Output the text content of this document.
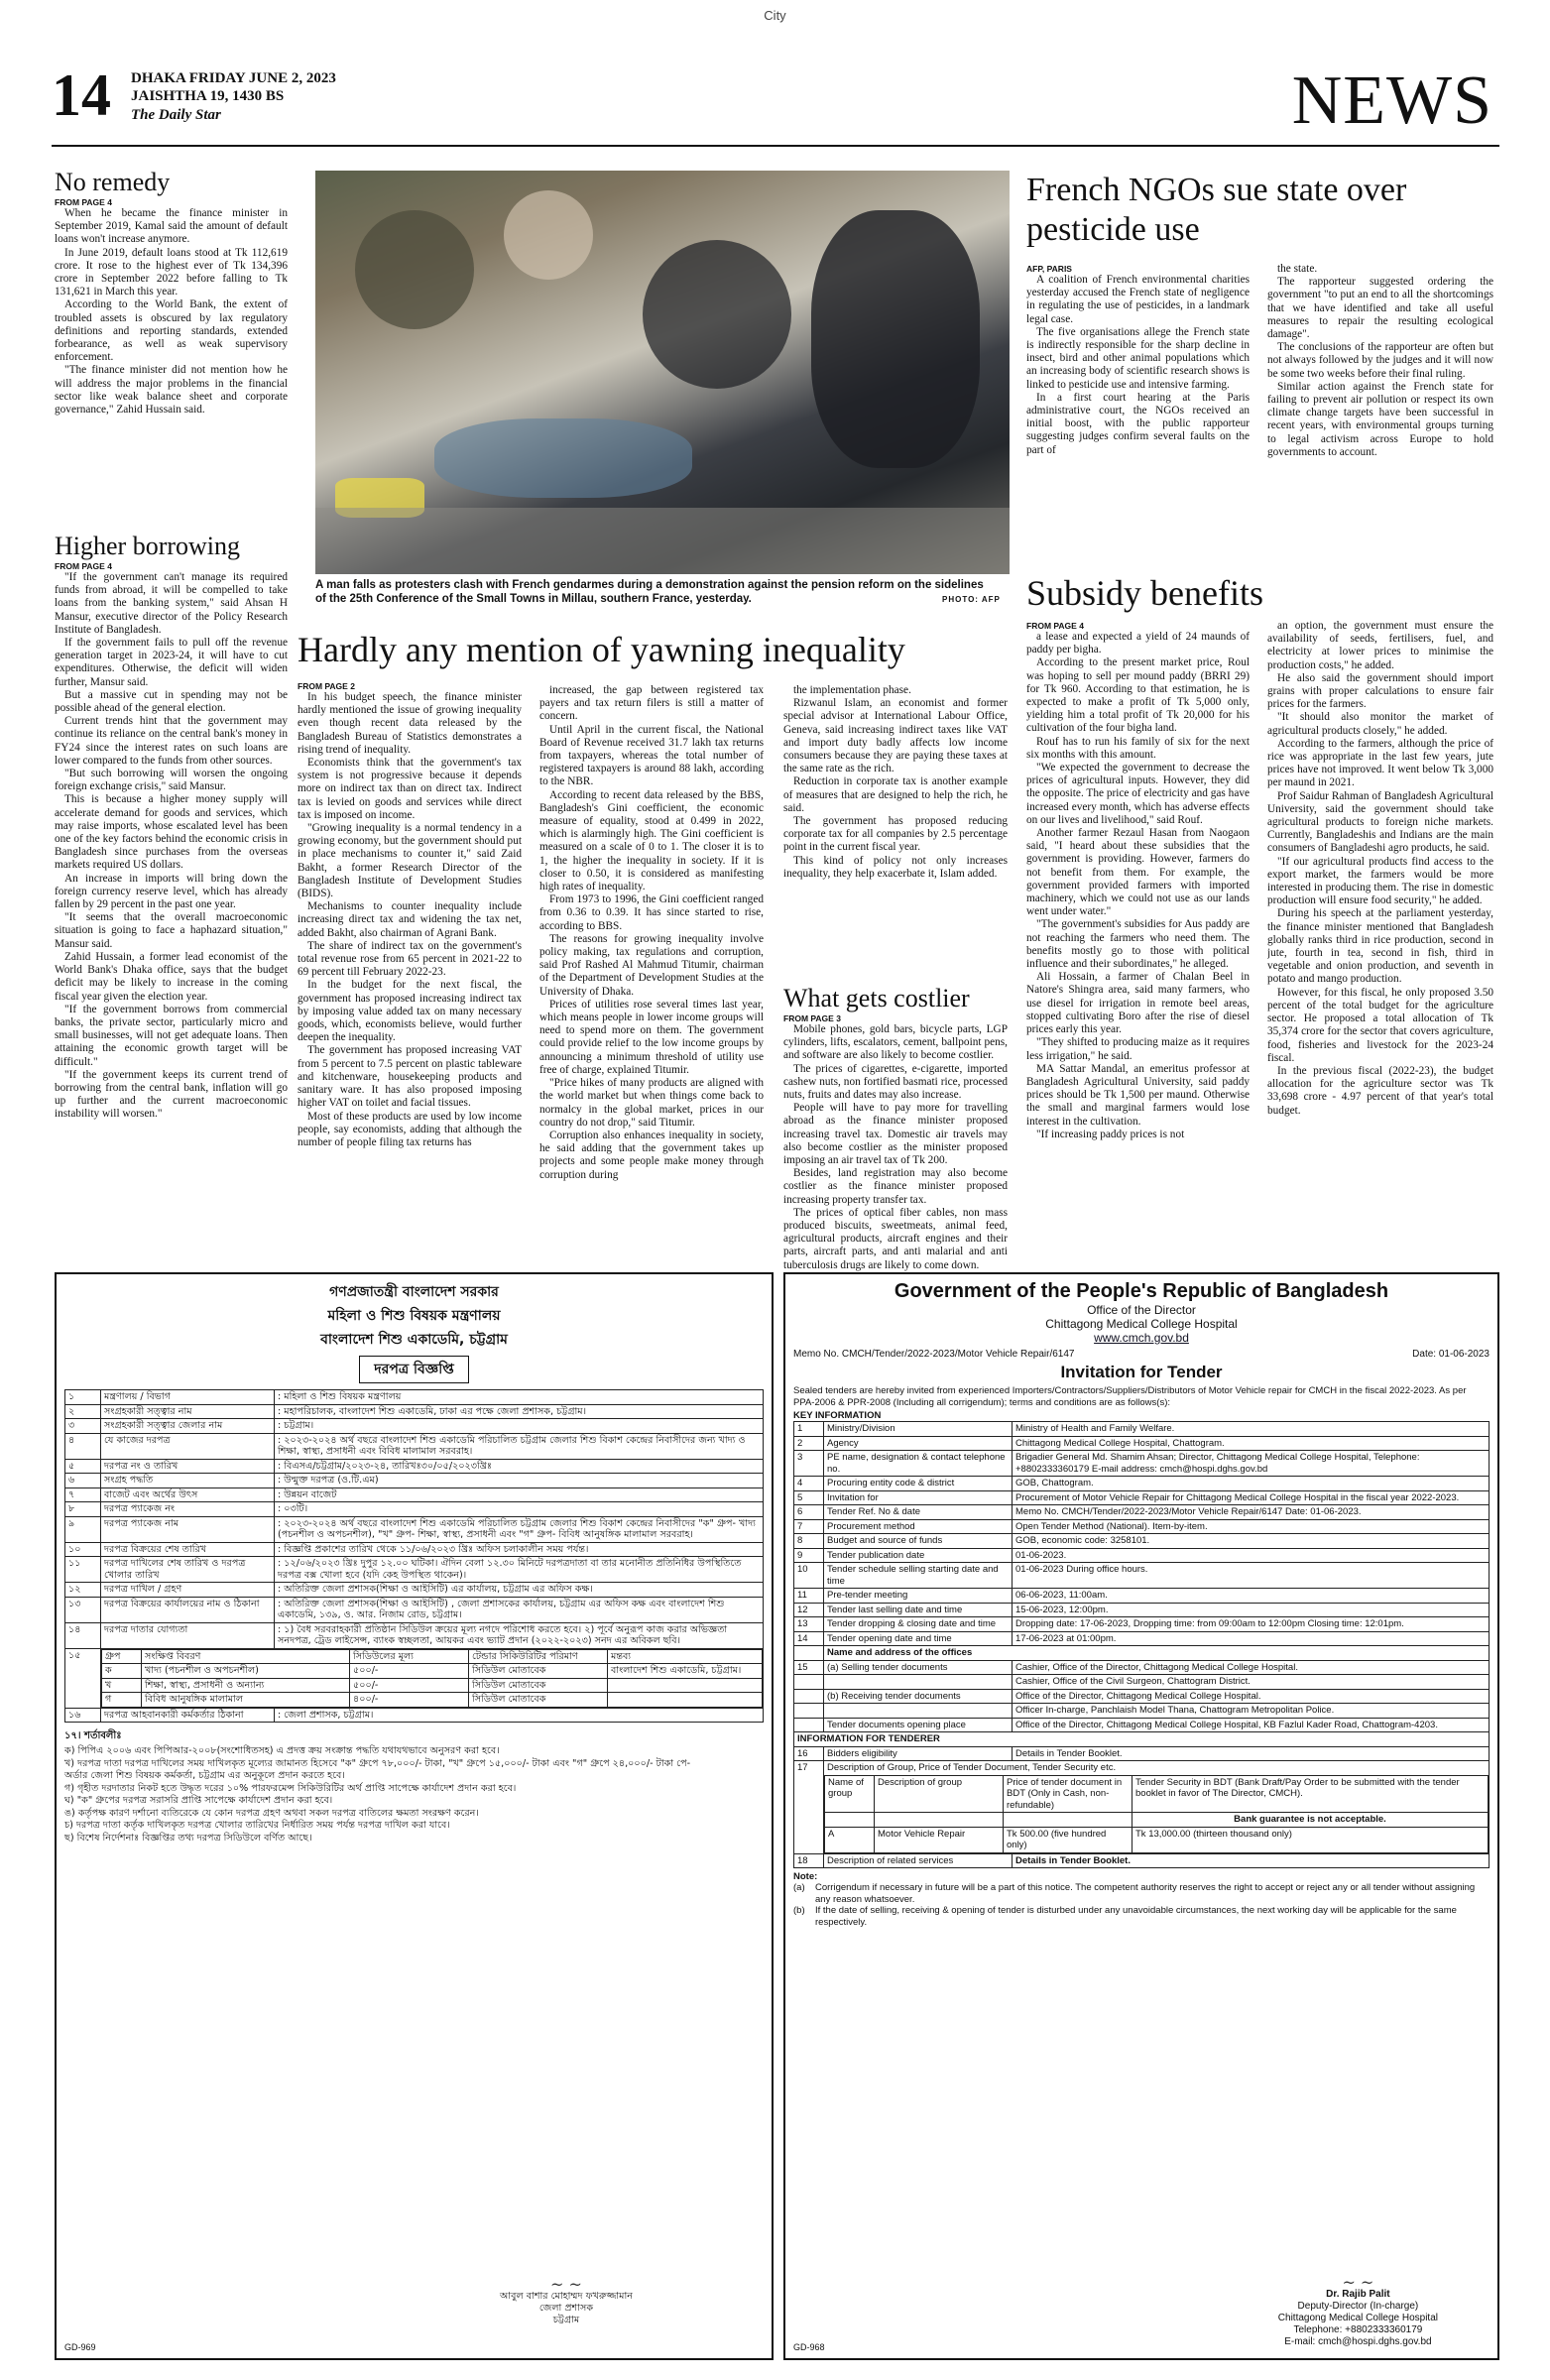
City
14 DHAKA FRIDAY JUNE 2, 2023
JAISHTHA 19, 1430 BS
The Daily Star	NEWS
No remedy
FROM PAGE 4

When he became the finance minister in September 2019, Kamal said the amount of default loans won't increase anymore.

In June 2019, default loans stood at Tk 112,619 crore. It rose to the highest ever of Tk 134,396 crore in September 2022 before falling to Tk 131,621 in March this year.

According to the World Bank, the extent of troubled assets is obscured by lax regulatory definitions and reporting standards, extended forbearance, as well as weak supervisory enforcement.

"The finance minister did not mention how he will address the major problems in the financial sector like weak balance sheet and corporate governance," Zahid Hussain said.

Higher borrowing
FROM PAGE 4

"If the government can't manage its required funds from abroad, it will be compelled to take loans from the banking system," said Ahsan H Mansur, executive director of the Policy Research Institute of Bangladesh.

If the government fails to pull off the revenue generation target in 2023-24, it will have to cut expenditures. Otherwise, the deficit will widen further, Mansur said.

But a massive cut in spending may not be possible ahead of the general election.

Current trends hint that the government may continue its reliance on the central bank's money in FY24 since the interest rates on such loans are lower compared to the funds from other sources.

"But such borrowing will worsen the ongoing foreign exchange crisis," said Mansur.

This is because a higher money supply will accelerate demand for goods and services, which may raise imports, whose escalated level has been one of the key factors behind the economic crisis in Bangladesh since purchases from the overseas markets required US dollars.

An increase in imports will bring down the foreign currency reserve level, which has already fallen by 29 percent in the past one year.

"It seems that the overall macroeconomic situation is going to face a haphazard situation," Mansur said.

Zahid Hussain, a former lead economist of the World Bank's Dhaka office, says that the budget deficit may be likely to increase in the coming fiscal year given the election year.

"If the government borrows from commercial banks, the private sector, particularly micro and small businesses, will not get adequate loans. Then attaining the economic growth target will be difficult."

"If the government keeps its current trend of borrowing from the central bank, inflation will go up further and the current macroeconomic instability will worsen."

A man falls as protesters clash with French gendarmes during a demonstration against the pension reform on the sidelines of the 25th Conference of the Small Towns in Millau, southern France, yesterday.	PHOTO: AFP
Hardly any mention of yawning inequality
FROM PAGE 2

In his budget speech, the finance minister hardly mentioned the issue of growing inequality even though recent data released by the Bangladesh Bureau of Statistics demonstrates a rising trend of inequality.

Economists think that the government's tax system is not progressive because it depends more on indirect tax than on direct tax. Indirect tax is levied on goods and services while direct tax is imposed on income.

"Growing inequality is a normal tendency in a growing economy, but the government should put in place mechanisms to counter it," said Zaid Bakht, a former Research Director of the Bangladesh Institute of Development Studies (BIDS).

Mechanisms to counter inequality include increasing direct tax and widening the tax net, added Bakht, also chairman of Agrani Bank.

The share of indirect tax on the government's total revenue rose from 65 percent in 2021-22 to 69 percent till February 2022-23.

In the budget for the next fiscal, the government has proposed increasing indirect tax by imposing value added tax on many necessary goods, which, economists believe, would further deepen the inequality.

The government has proposed increasing VAT from 5 percent to 7.5 percent on plastic tableware and kitchenware, housekeeping products and sanitary ware. It has also proposed imposing higher VAT on toilet and facial tissues.

Most of these products are used by low income people, say economists, adding that although the number of people filing tax returns has

increased, the gap between registered tax payers and tax return filers is still a matter of concern.

Until April in the current fiscal, the National Board of Revenue received 31.7 lakh tax returns from taxpayers, whereas the total number of registered taxpayers is around 88 lakh, according to the NBR.

According to recent data released by the BBS, Bangladesh's Gini coefficient, the economic measure of equality, stood at 0.499 in 2022, which is alarmingly high. The Gini coefficient is measured on a scale of 0 to 1. The closer it is to 1, the higher the inequality in society. If it is closer to 0.50, it is considered as manifesting high rates of inequality.

From 1973 to 1996, the Gini coefficient ranged from 0.36 to 0.39. It has since started to rise, according to BBS.

The reasons for growing inequality involve policy making, tax regulations and corruption, said Prof Rashed Al Mahmud Titumir, chairman of the Department of Development Studies at the University of Dhaka.

Prices of utilities rose several times last year, which means people in lower income groups will need to spend more on them. The government could provide relief to the low income groups by announcing a minimum threshold of utility use free of charge, explained Titumir.

"Price hikes of many products are aligned with the world market but when things come back to normalcy in the global market, prices in our country do not drop," said Titumir.

Corruption also enhances inequality in society, he said adding that the government takes up projects and some people make money through corruption during

the implementation phase.

Rizwanul Islam, an economist and former special advisor at International Labour Office, Geneva, said increasing indirect taxes like VAT and import duty badly affects low income consumers because they are paying these taxes at the same rate as the rich.

Reduction in corporate tax is another example of measures that are designed to help the rich, he said.

The government has proposed reducing corporate tax for all companies by 2.5 percentage point in the current fiscal year.

This kind of policy not only increases inequality, they help exacerbate it, Islam added.

What gets costlier
FROM PAGE 3

Mobile phones, gold bars, bicycle parts, LGP cylinders, lifts, escalators, cement, ballpoint pens, and software are also likely to become costlier.

The prices of cigarettes, e-cigarette, imported cashew nuts, non fortified basmati rice, processed nuts, fruits and dates may also increase.

People will have to pay more for travelling abroad as the finance minister proposed increasing travel tax. Domestic air travels may also become costlier as the minister proposed imposing an air travel tax of Tk 200.

Besides, land registration may also become costlier as the finance minister proposed increasing property transfer tax.

The prices of optical fiber cables, non mass produced biscuits, sweetmeats, animal feed, agricultural products, aircraft engines and their parts, aircraft parts, and anti malarial and anti tuberculosis drugs are likely to come down.

French NGOs sue state over pesticide use
AFP, PARIS

A coalition of French environmental charities yesterday accused the French state of negligence in regulating the use of pesticides, in a landmark legal case.

The five organisations allege the French state is indirectly responsible for the sharp decline in insect, bird and other animal populations which an increasing body of scientific research shows is linked to pesticide use and intensive farming.

In a first court hearing at the Paris administrative court, the NGOs received an initial boost, with the public rapporteur suggesting judges confirm several faults on the part of

the state.

The rapporteur suggested ordering the government "to put an end to all the shortcomings that we have identified and take all useful measures to repair the resulting ecological damage".

The conclusions of the rapporteur are often but not always followed by the judges and it will now be some two weeks before their final ruling.

Similar action against the French state for failing to prevent air pollution or respect its own climate change targets have been successful in recent years, with environmental groups turning to legal activism across Europe to hold governments to account.

Subsidy benefits
FROM PAGE 4

a lease and expected a yield of 24 maunds of paddy per bigha.

According to the present market price, Roul was hoping to sell per mound paddy (BRRI 29) for Tk 960. According to that estimation, he is expected to make a profit of Tk 5,000 only, yielding him a total profit of Tk 20,000 for his cultivation of the four bigha land.

Rouf has to run his family of six for the next six months with this amount.

"We expected the government to decrease the prices of agricultural inputs. However, they did the opposite. The price of electricity and gas have increased every month, which has adverse effects on our lives and livelihood," said Rouf.

Another farmer Rezaul Hasan from Naogaon said, "I heard about these subsidies that the government is providing. However, farmers do not benefit from them. For example, the government provided farmers with imported machinery, which we could not use as our lands went under water."

"The government's subsidies for Aus paddy are not reaching the farmers who need them. The benefits mostly go to those with political influence and their subordinates," he alleged.

Ali Hossain, a farmer of Chalan Beel in Natore's Shingra area, said many farmers, who use diesel for irrigation in remote beel areas, stopped cultivating Boro after the rise of diesel prices early this year.

"They shifted to producing maize as it requires less irrigation," he said.

MA Sattar Mandal, an emeritus professor at Bangladesh Agricultural University, said paddy prices should be Tk 1,500 per maund. Otherwise the small and marginal farmers would lose interest in the cultivation.

"If increasing paddy prices is not

an option, the government must ensure the availability of seeds, fertilisers, fuel, and electricity at lower prices to minimise the production costs," he added.

He also said the government should import grains with proper calculations to ensure fair prices for the farmers.

"It should also monitor the market of agricultural products closely," he added.

According to the farmers, although the price of rice was appropriate in the last few years, jute prices have not improved. It went below Tk 3,000 per maund in 2021.

Prof Saidur Rahman of Bangladesh Agricultural University, said the government should take agricultural products to foreign niche markets. Currently, Bangladeshis and Indians are the main consumers of Bangladeshi agro products, he said.

"If our agricultural products find access to the export market, the farmers would be more interested in producing them. The rise in domestic production will ensure food security," he added.

During his speech at the parliament yesterday, the finance minister mentioned that Bangladesh globally ranks third in rice production, second in jute, fourth in tea, second in fish, third in vegetable and onion production, and seventh in potato and mango production.

However, for this fiscal, he only proposed 3.50 percent of the total budget for the agriculture sector. He proposed a total allocation of Tk 35,374 crore for the sector that covers agriculture, food, fisheries and livestock for the 2023-24 fiscal.

In the previous fiscal (2022-23), the budget allocation for the agriculture sector was Tk 33,698 crore - 4.97 percent of that year's total budget.

গণপ্রজাতন্ত্রী বাংলাদেশ সরকার
মহিলা ও শিশু বিষয়ক মন্ত্রণালয়
বাংলাদেশ শিশু একাডেমি, চট্টগ্রাম
দরপত্র বিজ্ঞপ্তি
১	মন্ত্রণালয় / বিভাগ	: মহিলা ও শিশু বিষয়ক মন্ত্রণালয়
২	সংগ্রহকারী সত্ত্বার নাম	: মহাপরিচালক, বাংলাদেশ শিশু একাডেমি, ঢাকা এর পক্ষে জেলা প্রশাসক, চট্টগ্রাম।
৩	সংগ্রহকারী সত্ত্বার জেলার নাম	: চট্টগ্রাম।
৪	যে কাজের দরপত্র	: ২০২৩-২০২৪ অর্থ বছরে বাংলাদেশ শিশু একাডেমি পরিচালিত চট্টগ্রাম জেলার শিশু বিকাশ কেন্দ্রের নিবাসীদের জন্য খাদ্য ও শিক্ষা, স্বাস্থ্য, প্রসাধনী এবং বিবিধ মালামাল সরবরাহ।
৫	দরপত্র নং ও তারিখ	: বিএসএ/চট্টগ্রাম/২০২৩-২৪, তারিখঃ৩০/০৫/২০২৩খ্রিঃ
৬	সংগ্রহ পদ্ধতি	: উন্মুক্ত দরপত্র (ও.টি.এম)
৭	বাজেট এবং অর্থের উৎস	: উন্নয়ন বাজেট
৮	দরপত্র প্যাকেজ নং	: ০৩টি।
৯	দরপত্র প্যাকেজ নাম	: ২০২৩-২০২৪ অর্থ বছরে বাংলাদেশ শিশু একাডেমি পরিচালিত চট্টগ্রাম জেলার শিশু বিকাশ কেন্দ্রের নিবাসীদের "ক" গ্রুপ- খাদ্য (পচনশীল ও অপচনশীল), "খ" গ্রুপ- শিক্ষা, স্বাস্থ্য, প্রসাধনী এবং "গ" গ্রুপ- বিবিধ আনুষঙ্গিক মালামাল সরবরাহ।
১০	দরপত্র বিক্রয়ের শেষ তারিখ	: বিজ্ঞপ্তি প্রকাশের তারিখ থেকে ১১/০৬/২০২৩ খ্রিঃ অফিস চলাকালীন সময় পর্যন্ত।
১১	দরপত্র দাখিলের শেষ তারিখ ও দরপত্র খোলার তারিখ	: ১২/০৬/২০২৩ খ্রিঃ দুপুর ১২.০০ ঘটিকা। ঐদিন বেলা ১২.৩০ মিনিটে দরপত্রদাতা বা তার মনোনীত প্রতিনিধির উপস্থিতিতে দরপত্র বক্স খোলা হবে (যদি কেহ উপস্থিত থাকেন)।
১২	দরপত্র দাখিল / গ্রহণ	: অতিরিক্ত জেলা প্রশাসক(শিক্ষা ও আইসিটি) এর কার্যালয়, চট্টগ্রাম এর অফিস কক্ষ।
১৩	দরপত্র বিক্রয়ের কার্যালয়ের নাম ও ঠিকানা	: অতিরিক্ত জেলা প্রশাসক(শিক্ষা ও আইসিটি) , জেলা প্রশাসকের কার্যালয়, চট্টগ্রাম এর অফিস কক্ষ এবং বাংলাদেশ শিশু একাডেমি, ১৩৯, ও. আর. নিজাম রোড, চট্টগ্রাম।
১৪	দরপত্র দাতার যোগ্যতা	: ১) বৈধ সরবরাহকারী প্রতিষ্ঠান সিডিউল ক্রয়ের মূল্য নগদে পরিশোধ করতে হবে। ২) পূর্বে অনুরূপ কাজ করার অভিজ্ঞতা সনদপত্র, ট্রেড লাইসেন্স, ব্যাংক স্বচ্ছলতা, আয়কর এবং ভ্যাট প্রদান (২০২২-২০২৩) সনদ এর অবিকল ছবি।
১৫		গ্রুপ	সংক্ষিপ্ত বিবরণ	সিডিউলের মূল্য	টেন্ডার সিকিউরিটির পরিমাণ	মন্তব্য
ক	খাদ্য (পচনশীল ও অপচনশীল)	৫০০/-	সিডিউল মোতাবেক	বাংলাদেশ শিশু একাডেমি, চট্টগ্রাম।
খ	শিক্ষা, স্বাস্থ্য, প্রসাধনী ও অন্যান্য	৫০০/-	সিডিউল মোতাবেক	
গ	বিবিধ আনুষঙ্গিক মালামাল	৪০০/-	সিডিউল মোতাবেক	

১৬	দরপত্র আহবানকারী কর্মকর্তার ঠিকানা	: জেলা প্রশাসক, চট্টগ্রাম।
১৭। শর্তাবলীঃ
ক) পিপিএ ২০০৬ এবং পিপিআর-২০০৮(সংশোধিতসহ) এ প্রদত্ত ক্রয় সংক্রান্ত পদ্ধতি যথাযথভাবে অনুসরণ করা হবে।
খ) দরপত্র দাতা দরপত্র দাখিলের সময় দাখিলকৃত মূল্যের জামানত হিসেবে "ক" গ্রুপে ৭৮,০০০/- টাকা, "খ" গ্রুপে ১৫,০০০/- টাকা এবং "গ" গ্রুপে ২৪,০০০/- টাকা পে-অর্ডার জেলা শিশু বিষয়ক কর্মকর্তা, চট্টগ্রাম এর অনুকূলে প্রদান করতে হবে।
গ) গৃহীত দরদাতার নিকট হতে উদ্ধৃত দরের ১০% পারফরমেন্স সিকিউরিটির অর্থ প্রাপ্তি সাপেক্ষে কার্যাদেশ প্রদান করা হবে।
ঘ) "ক" গ্রুপের দরপত্র সরাসরি প্রাপ্তি সাপেক্ষে কার্যাদেশ প্রদান করা হবে।
ঙ) কর্তৃপক্ষ কারণ দর্শানো ব্যতিরেকে যে কোন দরপত্র গ্রহণ অথবা সকল দরপত্র বাতিলের ক্ষমতা সংরক্ষণ করেন।
চ) দরপত্র দাতা কর্তৃক দাখিলকৃত দরপত্র খোলার তারিখের নির্ধারিত সময় পর্যন্ত দরপত্র দাখিল করা যাবে।
ছ) বিশেষ নির্দেশনাঃ বিজ্ঞপ্তির তথ্য দরপত্র সিডিউলে বর্ণিত আছে।
~ ~
আবুল বাশার মোহাম্মদ ফখরুজ্জামান
জেলা প্রশাসক
চট্টগ্রাম
GD-969
Government of the People's Republic of Bangladesh
Office of the Director
Chittagong Medical College Hospital
www.cmch.gov.bd
Memo No. CMCH/Tender/2022-2023/Motor Vehicle Repair/6147	Date: 01-06-2023
Invitation for Tender
Sealed tenders are hereby invited from experienced Importers/Contractors/Suppliers/Distributors of Motor Vehicle repair for CMCH in the fiscal 2022-2023. As per PPA-2006 & PPR-2008 (Including all corrigendum); terms and conditions are as follows(s):
KEY INFORMATION
1	Ministry/Division	Ministry of Health and Family Welfare.
2	Agency	Chittagong Medical College Hospital, Chattogram.
3	PE name, designation & contact telephone no.	Brigadier General Md. Shamim Ahsan; Director, Chittagong Medical College Hospital, Telephone: +8802333360179 E-mail address: cmch@hospi.dghs.gov.bd
4	Procuring entity code & district	GOB, Chattogram.
5	Invitation for	Procurement of Motor Vehicle Repair for Chittagong Medical College Hospital in the fiscal year 2022-2023.
6	Tender Ref. No & date	Memo No. CMCH/Tender/2022-2023/Motor Vehicle Repair/6147 Date: 01-06-2023.
7	Procurement method	Open Tender Method (National). Item-by-item.
8	Budget and source of funds	GOB, economic code: 3258101.
9	Tender publication date	01-06-2023.
10	Tender schedule selling starting date and time	01-06-2023 During office hours.
11	Pre-tender meeting	06-06-2023, 11:00am.
12	Tender last selling date and time	15-06-2023, 12:00pm.
13	Tender dropping & closing date and time	Dropping date: 17-06-2023, Dropping time: from 09:00am to 12:00pm Closing time: 12:01pm.
14	Tender opening date and time	17-06-2023 at 01:00pm.
	Name and address of the offices
15	(a) Selling tender documents	Cashier, Office of the Director, Chittagong Medical College Hospital.
		Cashier, Office of the Civil Surgeon, Chattogram District.
	(b) Receiving tender documents	Office of the Director, Chittagong Medical College Hospital.
		Officer In-charge, Panchlaish Model Thana, Chattogram Metropolitan Police.
	Tender documents opening place	Office of the Director, Chittagong Medical College Hospital, KB Fazlul Kader Road, Chattogram-4203.
INFORMATION FOR TENDERER
16	Bidders eligibility	Details in Tender Booklet.
17	Description of Group, Price of Tender Document, Tender Security etc.
Name of group	Description of group	Price of tender document in BDT (Only in Cash, non-refundable)	Tender Security in BDT (Bank Draft/Pay Order to be submitted with the tender booklet in favor of The Director, CMCH).
			Bank guarantee is not acceptable.
A	Motor Vehicle Repair	Tk 500.00 (five hundred only)	Tk 13,000.00 (thirteen thousand only)

18	Description of related services	Details in Tender Booklet.
Note:
(a)	Corrigendum if necessary in future will be a part of this notice. The competent authority reserves the right to accept or reject any or all tender without assigning any reason whatsoever.
(b)	If the date of selling, receiving & opening of tender is disturbed under any unavoidable circumstances, the next working day will be applicable for the same respectively.
~ ~
Dr. Rajib Palit
Deputy-Director (In-charge)
Chittagong Medical College Hospital
Telephone: +8802333360179
E-mail: cmch@hospi.dghs.gov.bd
GD-968
